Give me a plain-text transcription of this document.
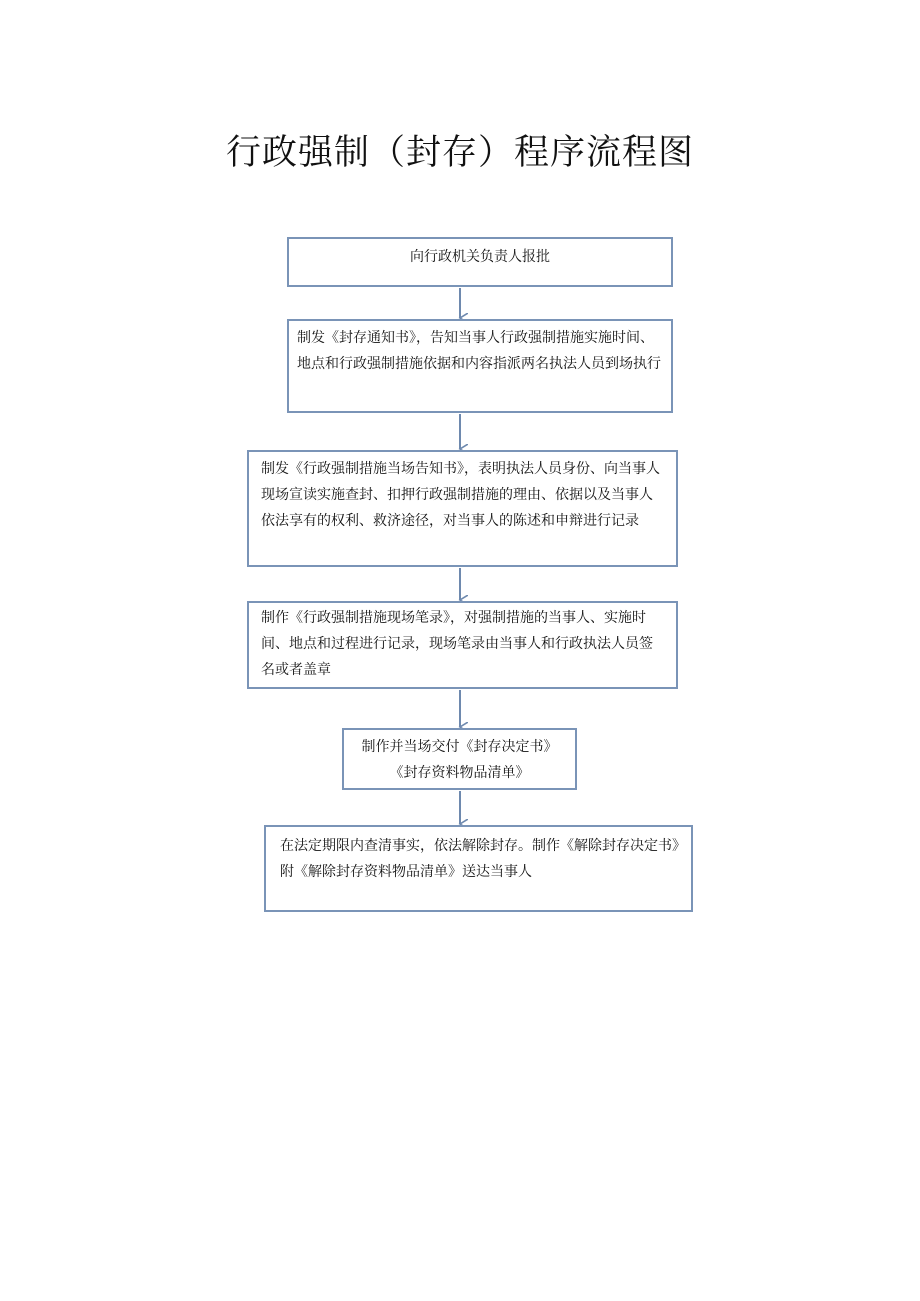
行政强制（封存）程序流程图
向行政机关负责人报批
制发《封存通知书》，告知当事人行政强制措施实施时间、地点和行政强制措施依据和内容指派两名执法人员到场执行
制发《行政强制措施当场告知书》，表明执法人员身份、向当事人现场宣读实施查封、扣押行政强制措施的理由、依据以及当事人依法享有的权利、救济途径，对当事人的陈述和申辩进行记录
制作《行政强制措施现场笔录》，对强制措施的当事人、实施时间、地点和过程进行记录，现场笔录由当事人和行政执法人员签名或者盖章
制作并当场交付《封存决定书》《封存资料物品清单》
在法定期限内查清事实，依法解除封存。制作《解除封存决定书》附《解除封存资料物品清单》送达当事人
